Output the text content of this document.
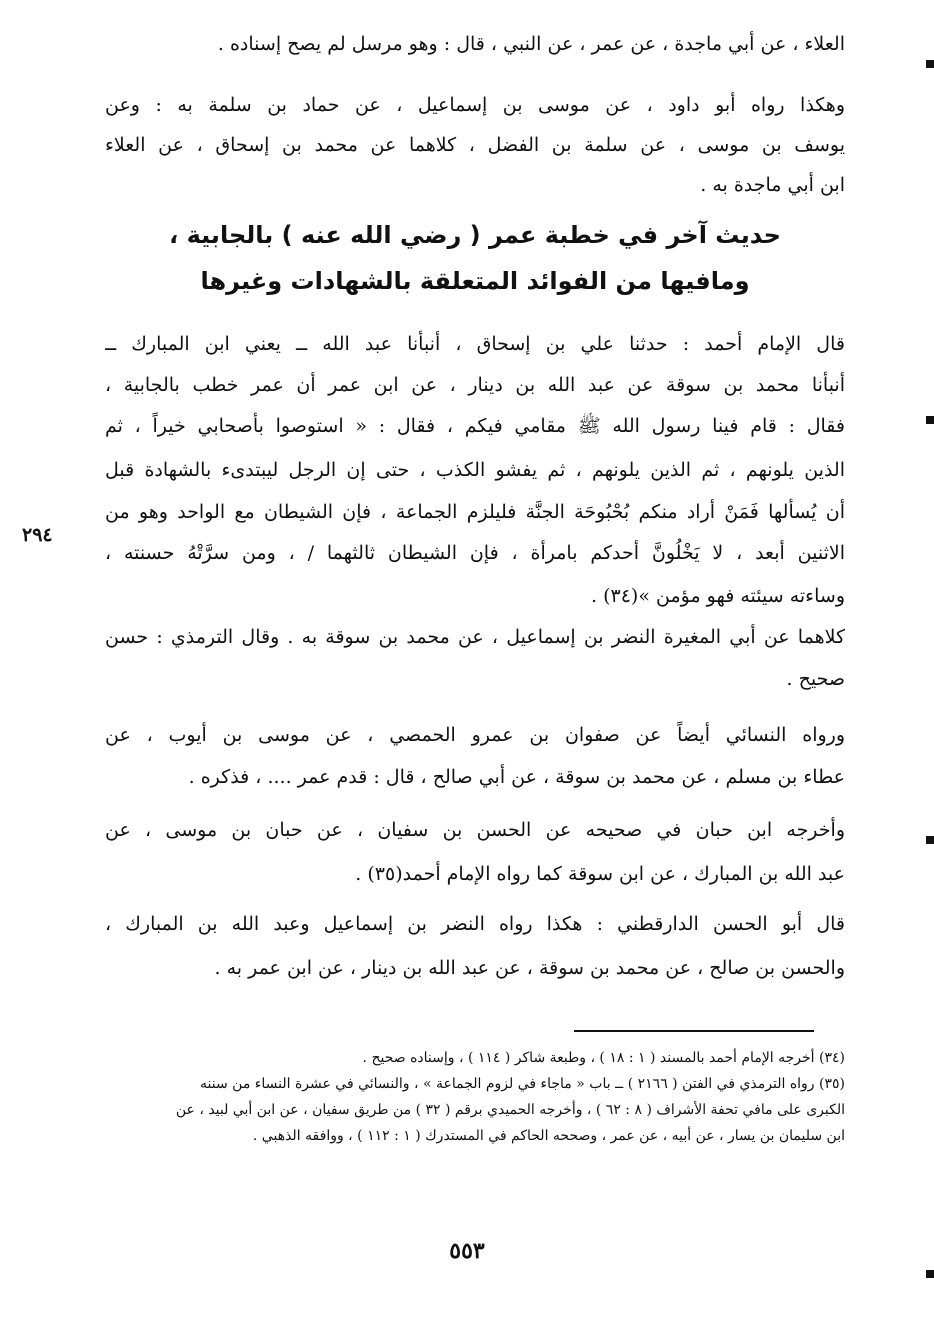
العلاء ، عن أبي ماجدة ، عن عمر ، عن النبي ، قال : وهو مرسل لم يصح إسناده .
وهكذا رواه أبو داود ، عن موسى بن إسماعيل ، عن حماد بن سلمة به : وعن
يوسف بن موسى ، عن سلمة بن الفضل ، كلاهما عن محمد بن إسحاق ، عن العلاء
ابن أبي ماجدة به .
حديث آخر في خطبة عمر ( رضي الله عنه ) بالجابية ،
ومافيها من الفوائد المتعلقة بالشهادات وغيرها
قال الإمام أحمد : حدثنا علي بن إسحاق ، أنبأنا عبد الله ــ يعني ابن المبارك ــ
أنبأنا محمد بن سوقة عن عبد الله بن دينار ، عن ابن عمر أن عمر خطب بالجابية ،
فقال : قام فينا رسول الله ﷺ مقامي فيكم ، فقال : « استوصوا بأصحابي خيراً ، ثم
الذين يلونهم ، ثم الذين يلونهم ، ثم يفشو الكذب ، حتى إن الرجل ليبتدىء بالشهادة قبل
أن يُسألها فَمَنْ أراد منكم بُحْبُوحَة الجنَّة فليلزم الجماعة ، فإن الشيطان مع الواحد وهو من
الاثنين أبعد ، لا يَخْلُونَّ أحدكم بامرأة ، فإن الشيطان ثالثهما / ، ومن سرَّتْهُ حسنته ،
وساءته سيئته فهو مؤمن »(٣٤) .
كلاهما عن أبي المغيرة النضر بن إسماعيل ، عن محمد بن سوقة به . وقال الترمذي : حسن
صحيح .
ورواه النسائي أيضاً عن صفوان بن عمرو الحمصي ، عن موسى بن أيوب ، عن
عطاء بن مسلم ، عن محمد بن سوقة ، عن أبي صالح ، قال : قدم عمر .... ، فذكره .
وأخرجه ابن حبان في صحيحه عن الحسن بن سفيان ، عن حبان بن موسى ، عن
عبد الله بن المبارك ، عن ابن سوقة كما رواه الإمام أحمد(٣٥) .
قال أبو الحسن الدارقطني : هكذا رواه النضر بن إسماعيل وعبد الله بن المبارك ،
والحسن بن صالح ، عن محمد بن سوقة ، عن عبد الله بن دينار ، عن ابن عمر به .
٢٩٤
(٣٤) أخرجه الإمام أحمد بالمسند ( ١ : ١٨ ) ، وطبعة شاكر ( ١١٤ ) ، وإسناده صحيح .
(٣٥) رواه الترمذي في الفتن ( ٢١٦٦ ) ــ باب « ماجاء في لزوم الجماعة » ، والنسائي في عشرة النساء من سننه
الكبرى على مافي تحفة الأشراف ( ٨ : ٦٢ ) ، وأخرجه الحميدي برقم ( ٣٢ ) من طريق سفيان ، عن ابن أبي لبيد ، عن
ابن سليمان بن يسار ، عن أبيه ، عن عمر ، وصححه الحاكم في المستدرك ( ١ : ١١٢ ) ، ووافقه الذهبي .
٥٥٣
